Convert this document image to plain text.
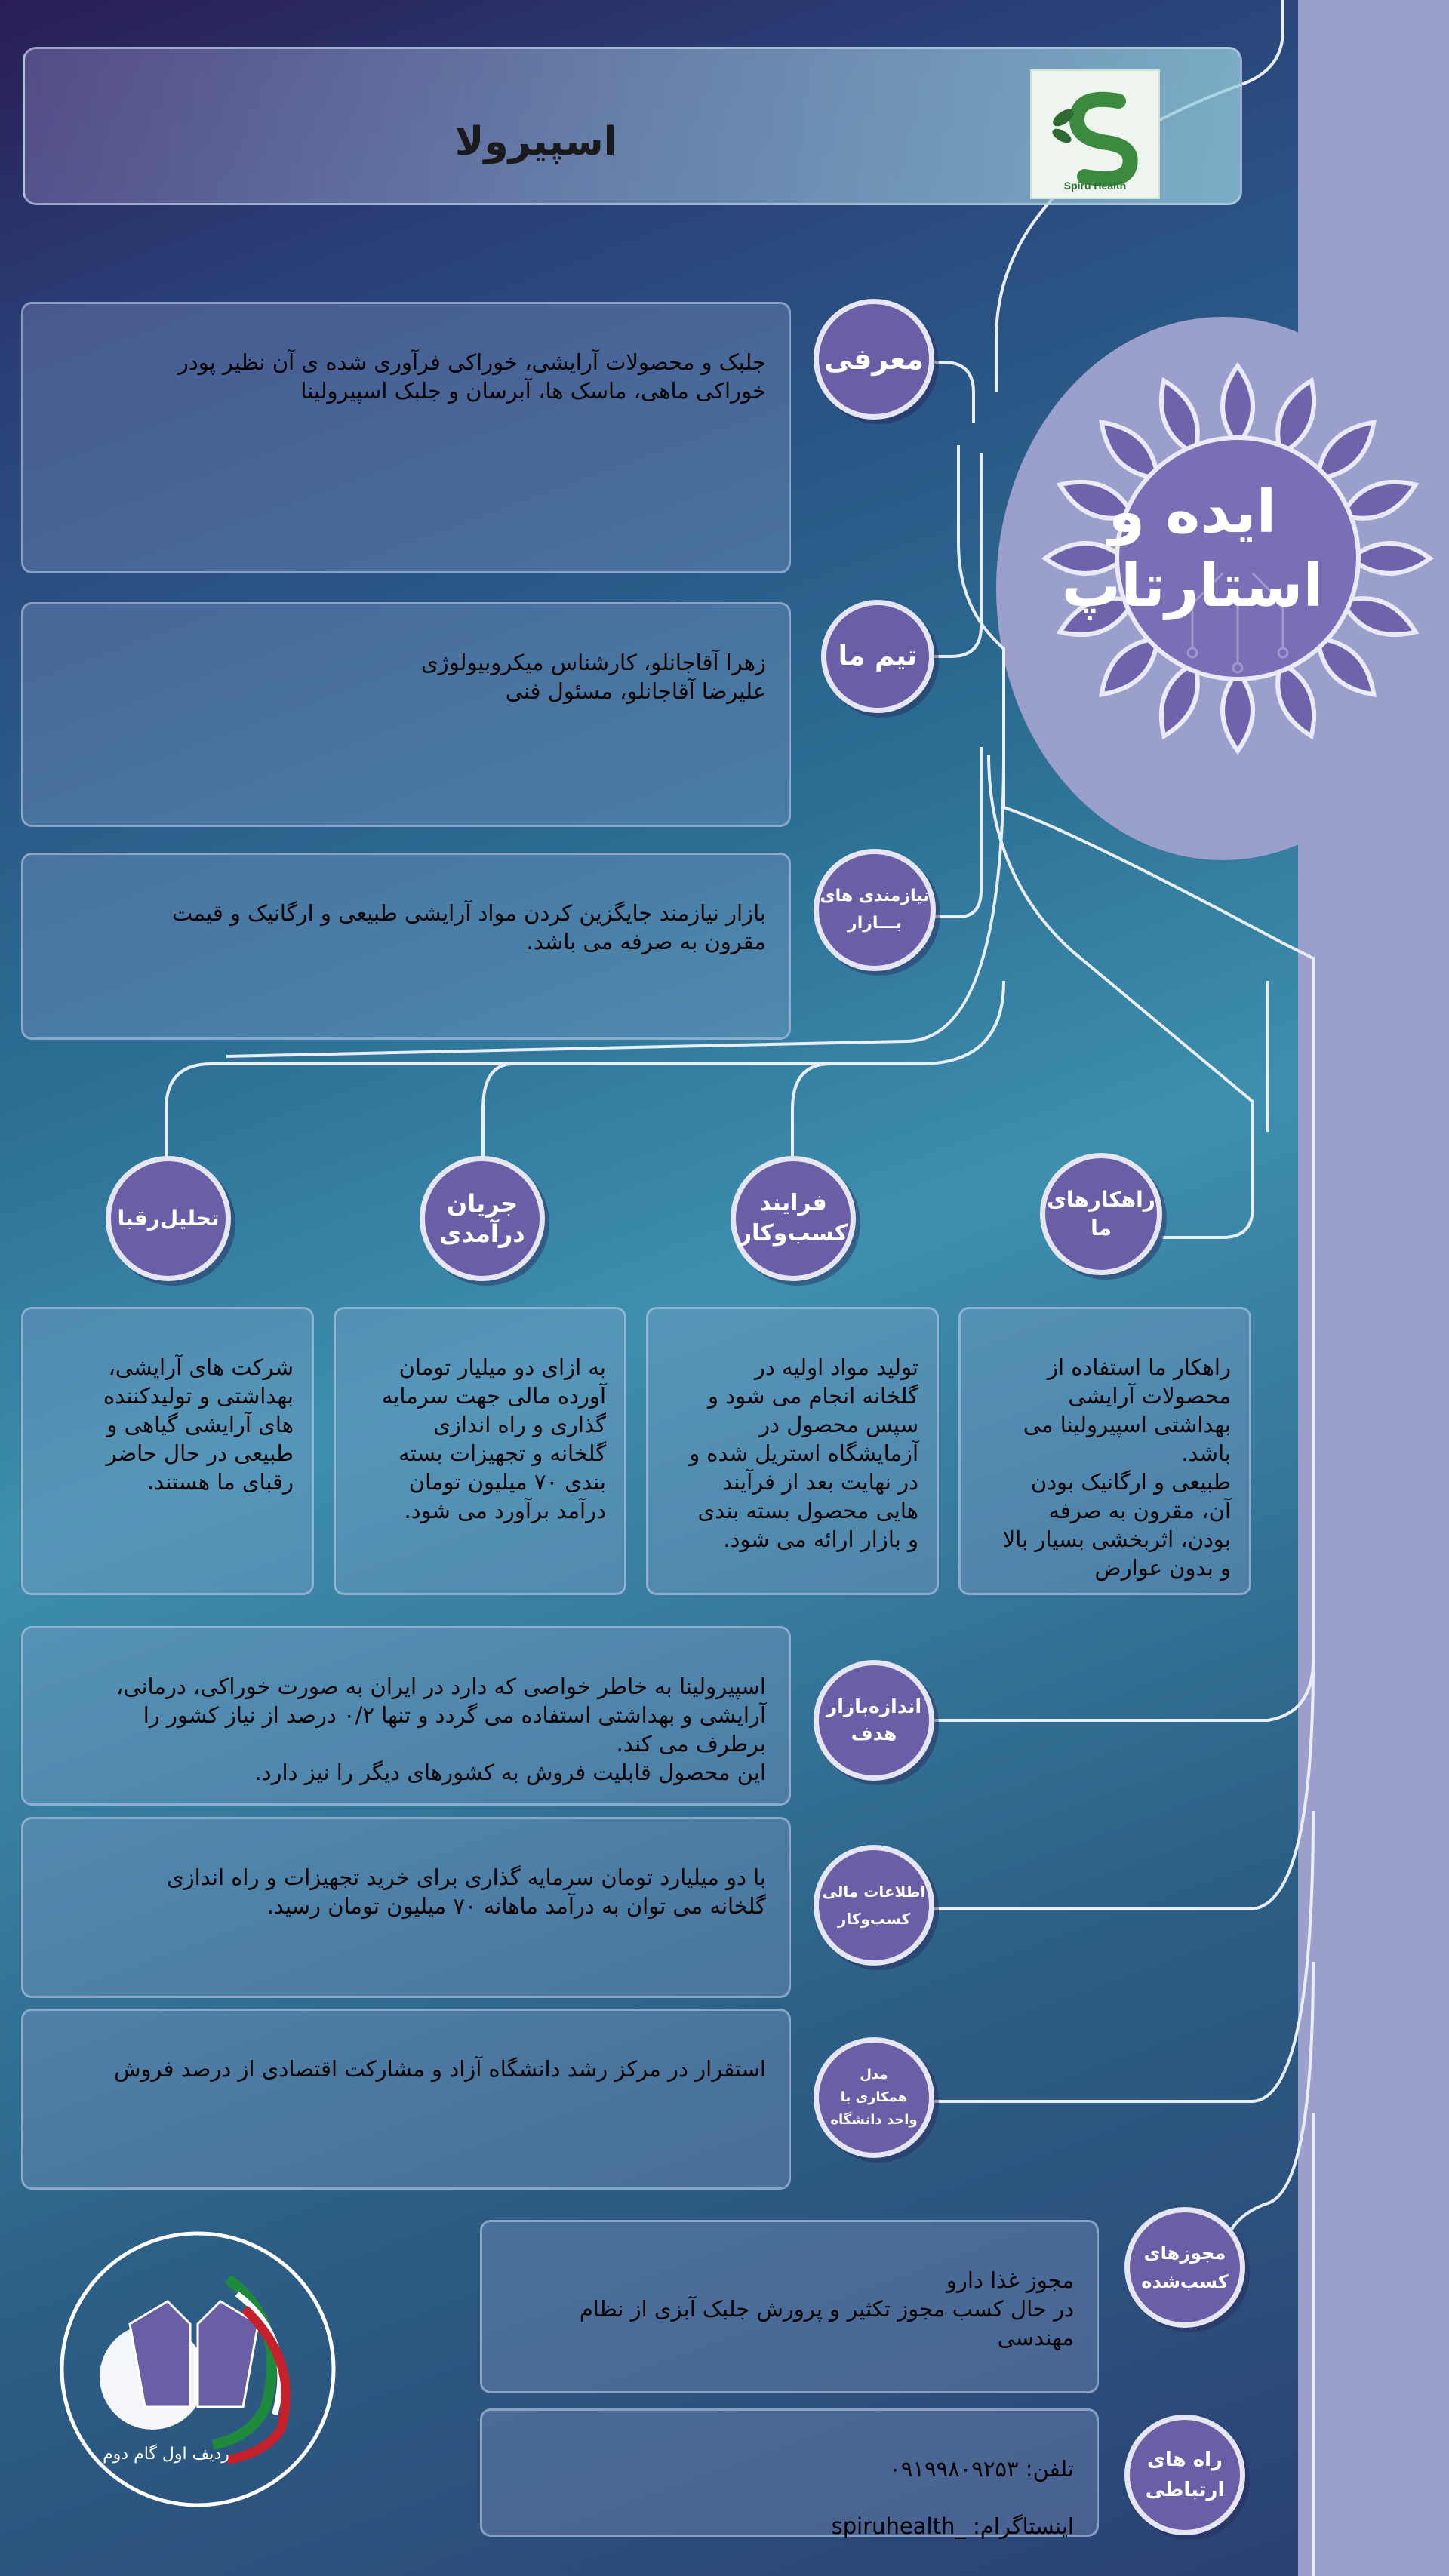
اسپیرولا
Spiru Health
ایده و
استارتاپ

جلبک و محصولات آرایشی، خوراکی فرآوری شده ی آن نظیر پودر
خوراکی ماهی، ماسک ها، آبرسان و جلبک اسپیرولینا

معرفی

زهرا آقاجانلو، کارشناس میکروبیولوژی
علیرضا آقاجانلو، مسئول فنی

تیم ما

بازار نیازمند جایگزین کردن مواد آرایشی طبیعی و ارگانیک و قیمت
مقرون به صرفه می باشد.

نیازمندی های
بـــازار
تحلیل‌رقبا
جریان
درآمدی
فرایند
کسب‌وکار
راهکارهای
ما

شرکت های آرایشی،
بهداشتی و تولیدکننده
های آرایشی گیاهی و
طبیعی در حال حاضر
رقبای ما هستند.

به ازای دو میلیار تومان
آورده مالی جهت سرمایه
گذاری و راه اندازی
گلخانه و تجهیزات بسته
بندی ۷۰ میلیون تومان
درآمد برآورد می شود.

تولید مواد اولیه در
گلخانه انجام می شود و
سپس محصول در
آزمایشگاه استریل شده و
در نهایت بعد از فرآیند
هایی محصول بسته بندی
و بازار ارائه می شود.

راهکار ما استفاده از
محصولات آرایشی
بهداشتی اسپیرولینا می
باشد.
طبیعی و ارگانیک بودن
آن، مقرون به صرفه
بودن، اثربخشی بسیار بالا
و بدون عوارض

اسپیرولینا به خاطر خواصی که دارد در ایران به صورت خوراکی، درمانی،
آرایشی و بهداشتی استفاده می گردد و تنها ۰/۲ درصد از نیاز کشور را
برطرف می کند.
این محصول قابلیت فروش به کشورهای دیگر را نیز دارد.

اندازه‌بازار
هدف

با دو میلیارد تومان سرمایه گذاری برای خرید تجهیزات و راه اندازی
گلخانه می توان به درآمد ماهانه ۷۰ میلیون تومان رسید.

اطلاعات مالی
کسب‌وکار

استقرار در مرکز رشد دانشگاه آزاد و مشارکت اقتصادی از درصد فروش	مدل
همکاری با
واحد دانشگاه

مجوز غذا دارو
در حال کسب مجوز تکثیر و پرورش جلبک آبزی از نظام
مهندسی

مجوزهای
کسب‌شده

تلفن: ۰۹۱۹۹۸۰۹۲۵۳

اینستاگرام: _spiruhealth

راه های
ارتباطی
ردیف اول گام دوم
